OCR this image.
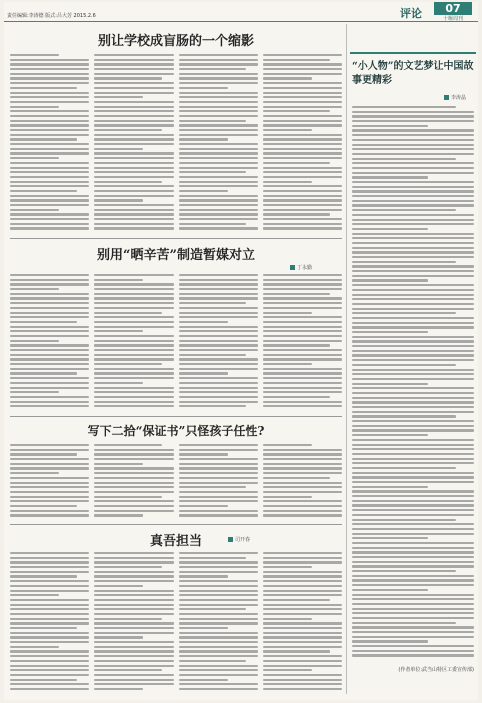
责任编辑:李涛德 版式:吕大芳 2015.2.6	评论	07
十堰周刊
别让学校成盲肠的一个缩影
别用“晒辛苦”制造暂媒对立
丁永勤
写下二拾“保证书”只怪孩子任性?
真吾担当	司开春
“小人物”的文艺梦让中国故事更精彩
李涛晶
(作者单位:武当山特区工委宣传部)
